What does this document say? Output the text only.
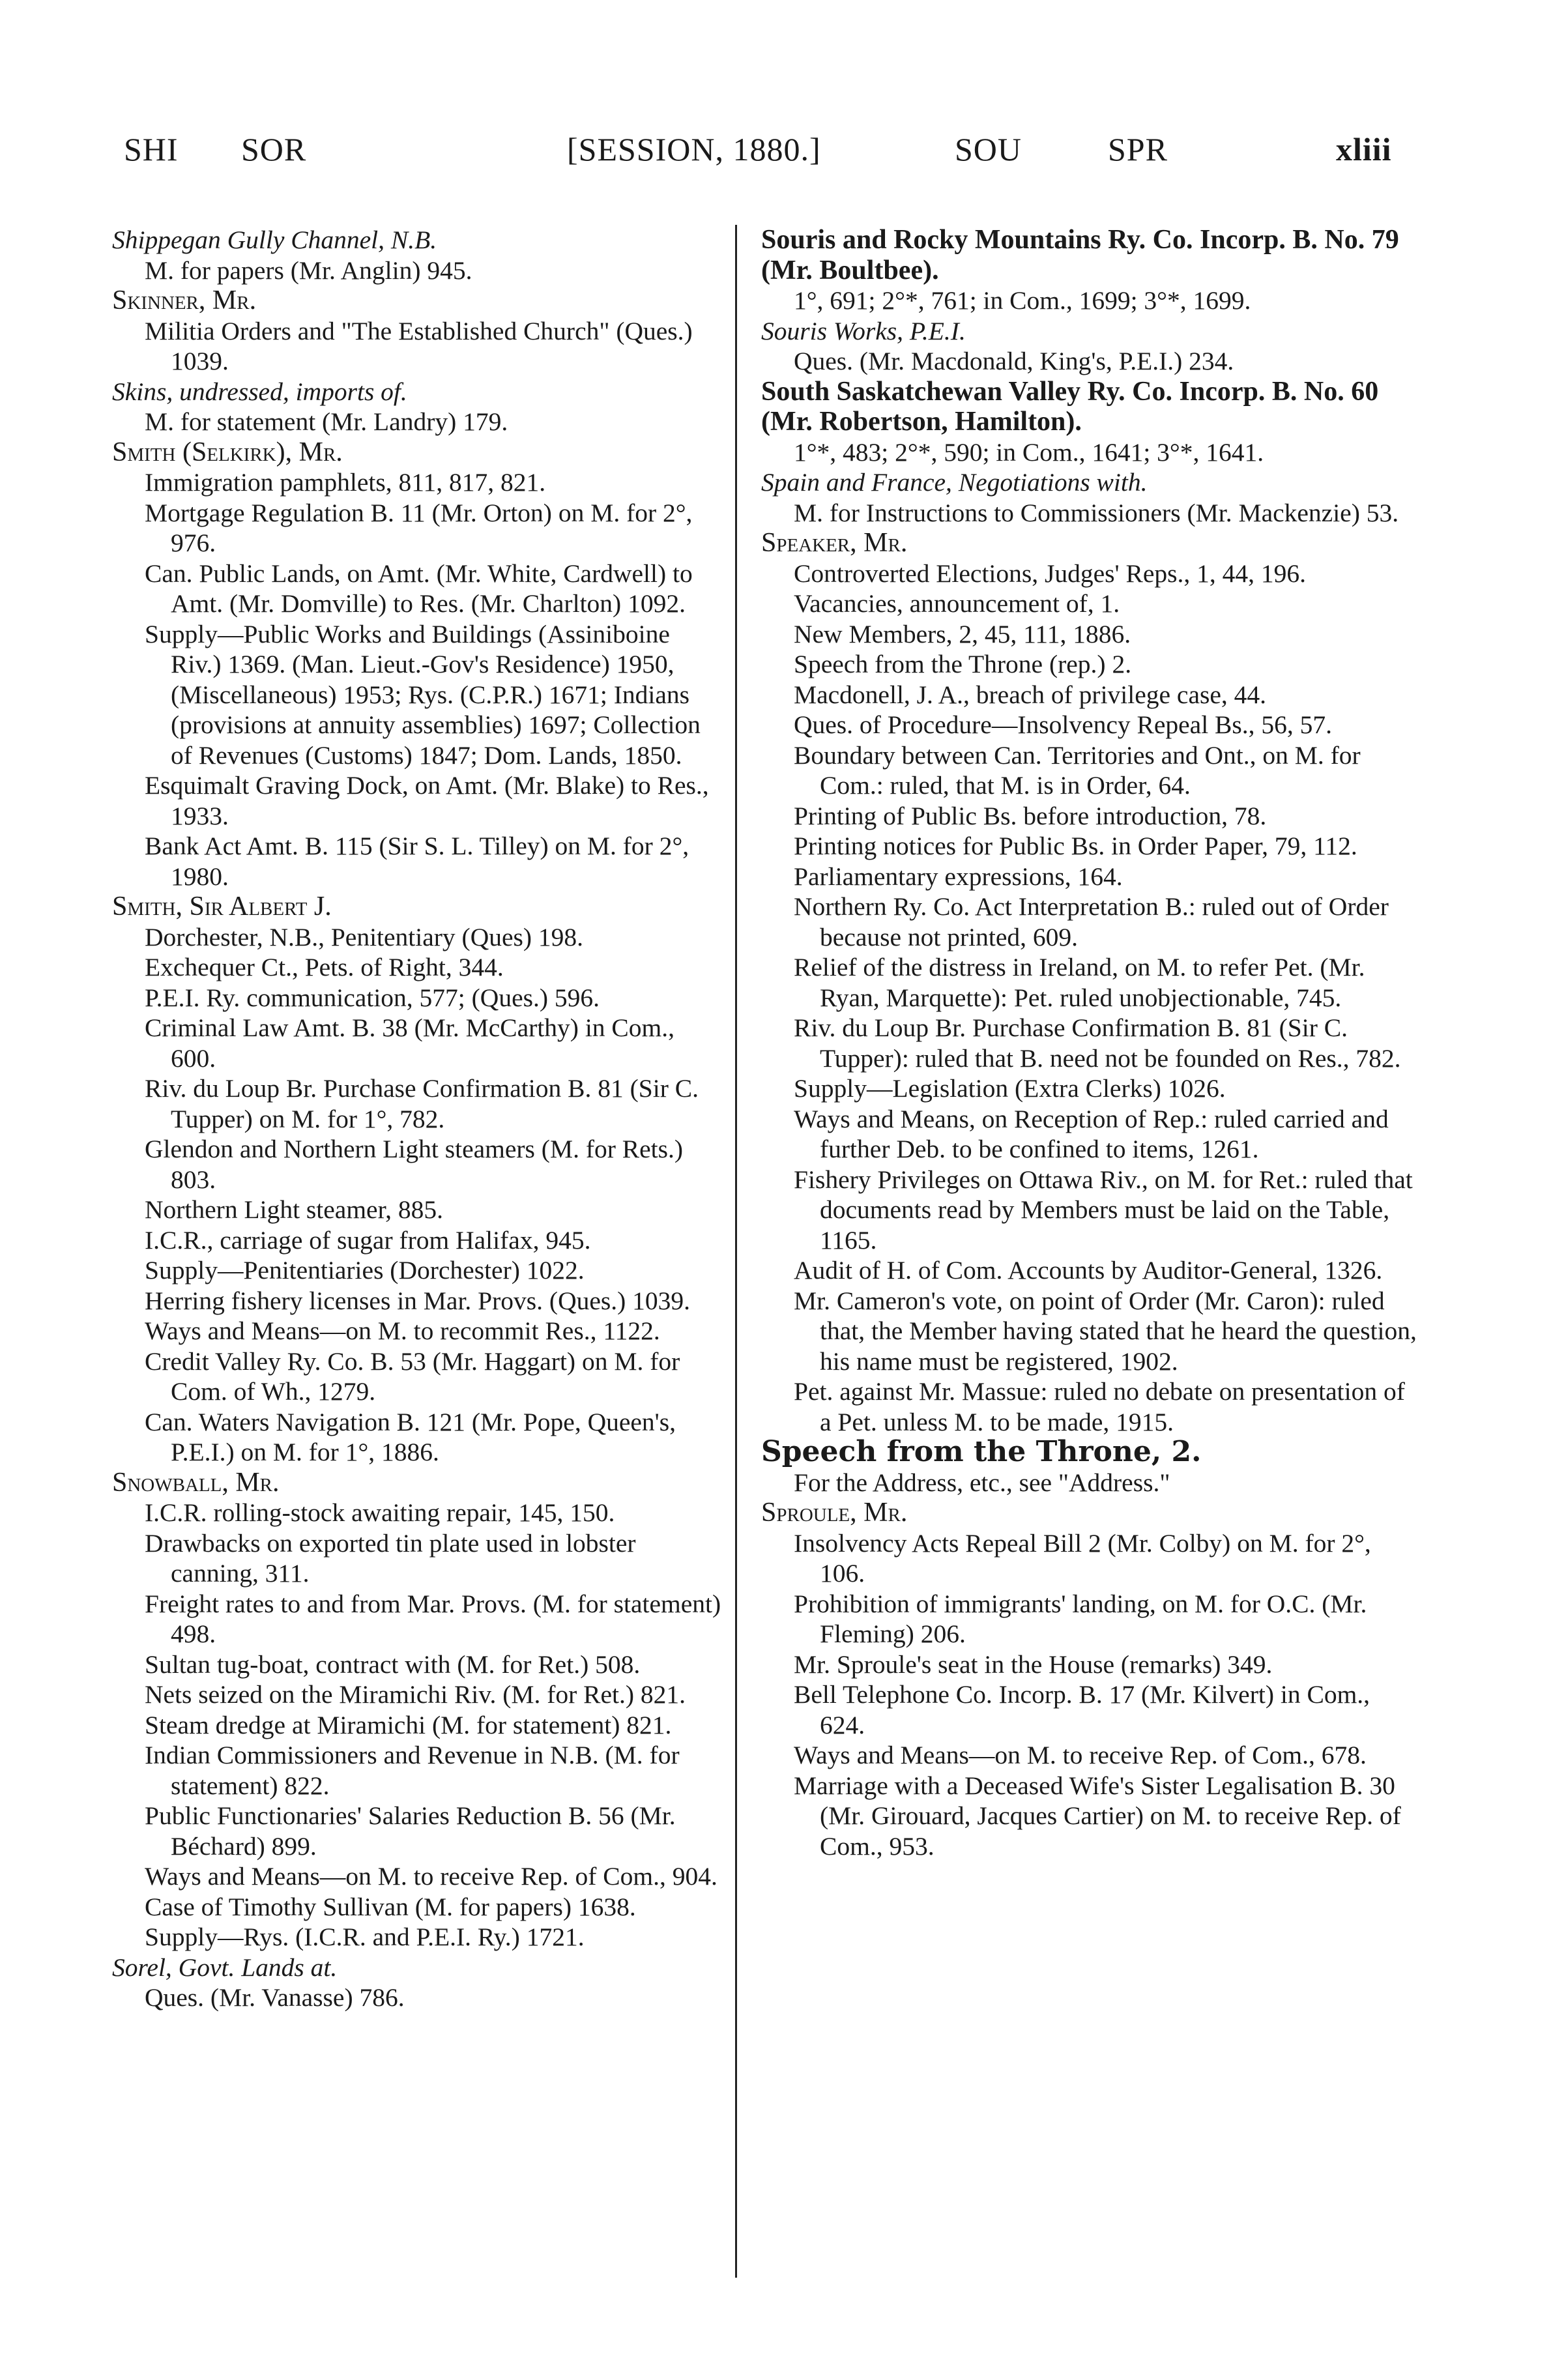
SHI SOR	[SESSION, 1880.]	SOU	SPR	xliii
Shippegan Gully Channel, N.B.
M. for papers (Mr. Anglin) 945.
Skinner, Mr.
Militia Orders and "The Established Church" (Ques.) 1039.
Skins, undressed, imports of.
M. for statement (Mr. Landry) 179.
Smith (Selkirk), Mr.
Immigration pamphlets, 811, 817, 821.
Mortgage Regulation B. 11 (Mr. Orton) on M. for 2°, 976.
Can. Public Lands, on Amt. (Mr. White, Cardwell) to Amt. (Mr. Domville) to Res. (Mr. Charlton) 1092.
Supply—Public Works and Buildings (Assiniboine Riv.) 1369. (Man. Lieut.-Gov's Residence) 1950, (Miscellaneous) 1953; Rys. (C.P.R.) 1671; Indians (provisions at annuity assemblies) 1697; Collection of Revenues (Customs) 1847; Dom. Lands, 1850.
Esquimalt Graving Dock, on Amt. (Mr. Blake) to Res., 1933.
Bank Act Amt. B. 115 (Sir S. L. Tilley) on M. for 2°, 1980.
Smith, Sir Albert J.
Dorchester, N.B., Penitentiary (Ques) 198.
Exchequer Ct., Pets. of Right, 344.
P.E.I. Ry. communication, 577; (Ques.) 596.
Criminal Law Amt. B. 38 (Mr. McCarthy) in Com., 600.
Riv. du Loup Br. Purchase Confirmation B. 81 (Sir C. Tupper) on M. for 1°, 782.
Glendon and Northern Light steamers (M. for Rets.) 803.
Northern Light steamer, 885.
I.C.R., carriage of sugar from Halifax, 945.
Supply—Penitentiaries (Dorchester) 1022.
Herring fishery licenses in Mar. Provs. (Ques.) 1039.
Ways and Means—on M. to recommit Res., 1122.
Credit Valley Ry. Co. B. 53 (Mr. Haggart) on M. for Com. of Wh., 1279.
Can. Waters Navigation B. 121 (Mr. Pope, Queen's, P.E.I.) on M. for 1°, 1886.
Snowball, Mr.
I.C.R. rolling-stock awaiting repair, 145, 150.
Drawbacks on exported tin plate used in lobster canning, 311.
Freight rates to and from Mar. Provs. (M. for statement) 498.
Sultan tug-boat, contract with (M. for Ret.) 508.
Nets seized on the Miramichi Riv. (M. for Ret.) 821.
Steam dredge at Miramichi (M. for statement) 821.
Indian Commissioners and Revenue in N.B. (M. for statement) 822.
Public Functionaries' Salaries Reduction B. 56 (Mr. Béchard) 899.
Ways and Means—on M. to receive Rep. of Com., 904.
Case of Timothy Sullivan (M. for papers) 1638.
Supply—Rys. (I.C.R. and P.E.I. Ry.) 1721.
Sorel, Govt. Lands at.
Ques. (Mr. Vanasse) 786.
Souris and Rocky Mountains Ry. Co. Incorp. B. No. 79 (Mr. Boultbee).
1°, 691; 2°*, 761; in Com., 1699; 3°*, 1699.
Souris Works, P.E.I.
Ques. (Mr. Macdonald, King's, P.E.I.) 234.
South Saskatchewan Valley Ry. Co. Incorp. B. No. 60 (Mr. Robertson, Hamilton).
1°*, 483; 2°*, 590; in Com., 1641; 3°*, 1641.
Spain and France, Negotiations with.
M. for Instructions to Commissioners (Mr. Mackenzie) 53.
Speaker, Mr.
Controverted Elections, Judges' Reps., 1, 44, 196.
Vacancies, announcement of, 1.
New Members, 2, 45, 111, 1886.
Speech from the Throne (rep.) 2.
Macdonell, J. A., breach of privilege case, 44.
Ques. of Procedure—Insolvency Repeal Bs., 56, 57.
Boundary between Can. Territories and Ont., on M. for Com.: ruled, that M. is in Order, 64.
Printing of Public Bs. before introduction, 78.
Printing notices for Public Bs. in Order Paper, 79, 112.
Parliamentary expressions, 164.
Northern Ry. Co. Act Interpretation B.: ruled out of Order because not printed, 609.
Relief of the distress in Ireland, on M. to refer Pet. (Mr. Ryan, Marquette): Pet. ruled unobjectionable, 745.
Riv. du Loup Br. Purchase Confirmation B. 81 (Sir C. Tupper): ruled that B. need not be founded on Res., 782.
Supply—Legislation (Extra Clerks) 1026.
Ways and Means, on Reception of Rep.: ruled carried and further Deb. to be confined to items, 1261.
Fishery Privileges on Ottawa Riv., on M. for Ret.: ruled that documents read by Members must be laid on the Table, 1165.
Audit of H. of Com. Accounts by Auditor-General, 1326.
Mr. Cameron's vote, on point of Order (Mr. Caron): ruled that, the Member having stated that he heard the question, his name must be registered, 1902.
Pet. against Mr. Massue: ruled no debate on presentation of a Pet. unless M. to be made, 1915.
Speech from the Throne, 2.
For the Address, etc., see "Address."
Sproule, Mr.
Insolvency Acts Repeal Bill 2 (Mr. Colby) on M. for 2°, 106.
Prohibition of immigrants' landing, on M. for O.C. (Mr. Fleming) 206.
Mr. Sproule's seat in the House (remarks) 349.
Bell Telephone Co. Incorp. B. 17 (Mr. Kilvert) in Com., 624.
Ways and Means—on M. to receive Rep. of Com., 678.
Marriage with a Deceased Wife's Sister Legalisation B. 30 (Mr. Girouard, Jacques Cartier) on M. to receive Rep. of Com., 953.
